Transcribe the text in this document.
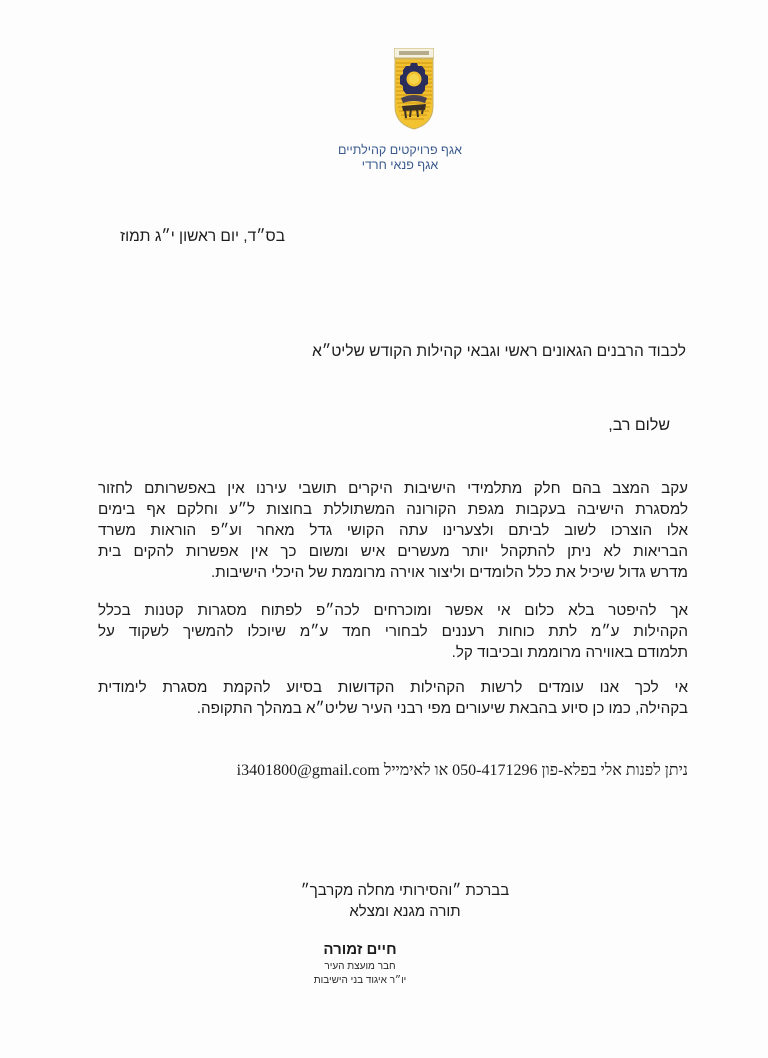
אגף פרויקטים קהילתיים
אגף פנאי חרדי
בס״ד, יום ראשון י״ג תמוז
לכבוד הרבנים הגאונים ראשי וגבאי קהילות הקודש שליט״א
שלום רב,
עקב המצב בהם חלק מתלמידי הישיבות היקרים תושבי עירנו אין באפשרותם לחזור
למסגרת הישיבה בעקבות מגפת הקורונה המשתוללת בחוצות ל״ע וחלקם אף בימים
אלו הוצרכו לשוב לביתם ולצערינו עתה הקושי גדל מאחר וע״פ הוראות משרד
הבריאות לא ניתן להתקהל יותר מעשרים איש ומשום כך אין אפשרות להקים בית
מדרש גדול שיכיל את כלל הלומדים וליצור אוירה מרוממת של היכלי הישיבות.
אך להיפטר בלא כלום אי אפשר ומוכרחים לכה״פ לפתוח מסגרות קטנות בכלל
הקהילות ע״מ לתת כוחות רעננים לבחורי חמד ע״מ שיוכלו להמשיך לשקוד על
תלמודם באווירה מרוממת ובכיבוד קל.
אי לכך אנו עומדים לרשות הקהילות הקדושות בסיוע להקמת מסגרת לימודית
בקהילה, כמו כן סיוע בהבאת שיעורים מפי רבני העיר שליט״א במהלך התקופה.
ניתן לפנות אלי בפלא-פון 050-4171296 או לאימייל i3401800@gmail.com
בברכת ״והסירותי מחלה מקרבך״
תורה מגנא ומצלא
חיים זמורה
חבר מועצת העיר
יו״ר איגוד בני הישיבות
